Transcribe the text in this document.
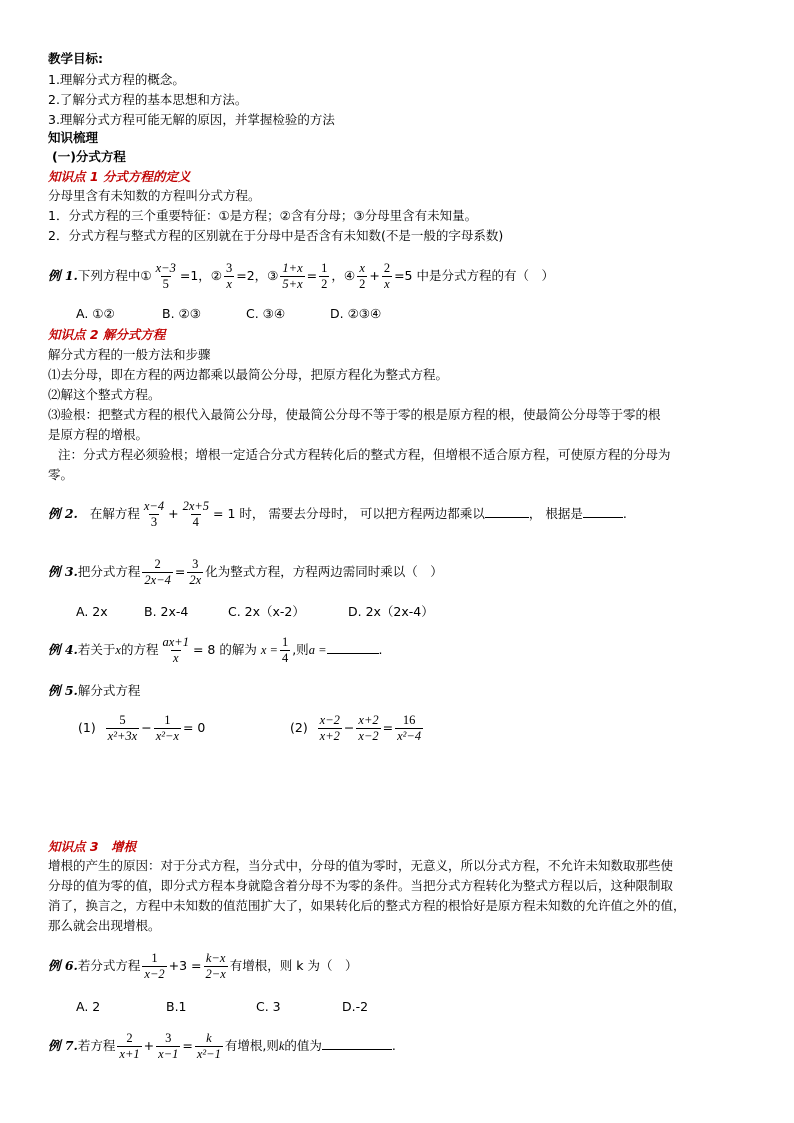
教学目标:
1.理解分式方程的概念。
2.了解分式方程的基本思想和方法。
3.理解分式方程可能无解的原因，并掌握检验的方法
知识梳理
(一)分式方程
知识点 1 分式方程的定义
分母里含有未知数的方程叫分式方程。
1．分式方程的三个重要特征：①是方程；②含有分母；③分母里含有未知量。
2．分式方程与整式方程的区别就在于分母中是否含有未知数(不是一般的字母系数)
例 1.下列方程中① $\frac{x-3}{5} =1$，② $\frac{3}{x} =2$，③ $\frac{1+x}{5+x} = \frac{1}{2}$ ，④ $\frac{x}{2} + \frac{2}{x} =5$ 中是分式方程的有（　）
A. ①②	B. ②③	C. ③④	D. ②③④
知识点 2 解分式方程
解分式方程的一般方法和步骤
⑴去分母，即在方程的两边都乘以最简公分母，把原方程化为整式方程。
⑵解这个整式方程。
⑶验根：把整式方程的根代入最简公分母，使最简公分母不等于零的根是原方程的根，使最简公分母等于零的根
是原方程的增根。
注：分式方程必须验根；增根一定适合分式方程转化后的整式方程，但增根不适合原方程，可使原方程的分母为
零。
例 2. 在解方程 $\frac{x-4}{3} + \frac{2x+5}{4} = 1$ 时， 需要去分母时， 可以把方程两边都乘以	， 根据是	.
例 3.把分式方程 $\frac{2}{2x-4} = \frac{3}{2x}$ 化为整式方程，方程两边需同时乘以（　）
A. 2x	B. 2x-4	C. 2x（x-2）	D. 2x（2x-4）
例 4.若关于x的方程 $\frac{ax+1}{x} = 8$ 的解为 $x = \frac{1}{4}$ ,则a =	.
例 5.解分式方程
$(1) \frac{5}{\text{x²+3x}} - \frac{1}{\text{x²−x}} = 0$	$(2) \frac{x-2}{x+2} - \frac{x+2}{x-2} = \frac{16}{\text{x²−4}}$
知识点 3　增根
增根的产生的原因：对于分式方程，当分式中，分母的值为零时，无意义，所以分式方程，不允许未知数取那些使
分母的值为零的值，即分式方程本身就隐含着分母不为零的条件。当把分式方程转化为整式方程以后，这种限制取
消了，换言之，方程中未知数的值范围扩大了，如果转化后的整式方程的根恰好是原方程未知数的允许值之外的值，
那么就会出现增根。
例 6.若分式方程 $\frac{1}{x-2} +3 = \frac{k-x}{2-x}$ 有增根，则 k 为（　）
A. 2	B.1	C. 3	D.-2
例 7.若方程 $\frac{2}{x+1} + \frac{3}{x-1} = \frac{k}{\text{x²−1}}$ 有增根,则k的值为	.
